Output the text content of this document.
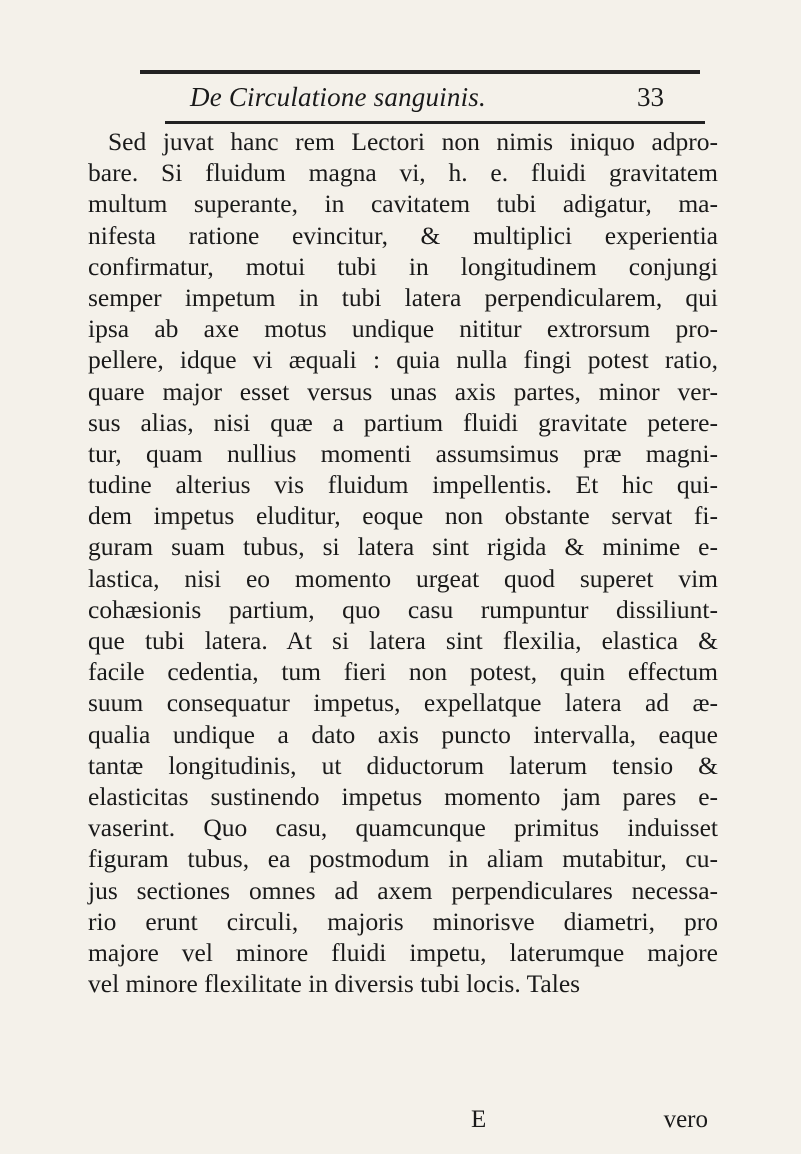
De Circulatione sanguinis.	33
Sed juvat hanc rem Lectori non nimis iniquo adpro-
bare. Si fluidum magna vi, h. e. fluidi gravitatem
multum superante, in cavitatem tubi adigatur, ma-
nifesta ratione evincitur, & multiplici experientia
confirmatur, motui tubi in longitudinem conjungi
semper impetum in tubi latera perpendicularem, qui
ipsa ab axe motus undique nititur extrorsum pro-
pellere, idque vi æquali : quia nulla fingi potest ratio,
quare major esset versus unas axis partes, minor ver-
sus alias, nisi quæ a partium fluidi gravitate petere-
tur, quam nullius momenti assumsimus præ magni-
tudine alterius vis fluidum impellentis. Et hic qui-
dem impetus eluditur, eoque non obstante servat fi-
guram suam tubus, si latera sint rigida & minime e-
lastica, nisi eo momento urgeat quod superet vim
cohæsionis partium, quo casu rumpuntur dissiliunt-
que tubi latera. At si latera sint flexilia, elastica &
facile cedentia, tum fieri non potest, quin effectum
suum consequatur impetus, expellatque latera ad æ-
qualia undique a dato axis puncto intervalla, eaque
tantæ longitudinis, ut diductorum laterum tensio &
elasticitas sustinendo impetus momento jam pares e-
vaserint. Quo casu, quamcunque primitus induisset
figuram tubus, ea postmodum in aliam mutabitur, cu-
jus sectiones omnes ad axem perpendiculares necessa-
rio erunt circuli, majoris minorisve diametri, pro
majore vel minore fluidi impetu, laterumque majore
vel minore flexilitate in diversis tubi locis. Tales
E	vero
